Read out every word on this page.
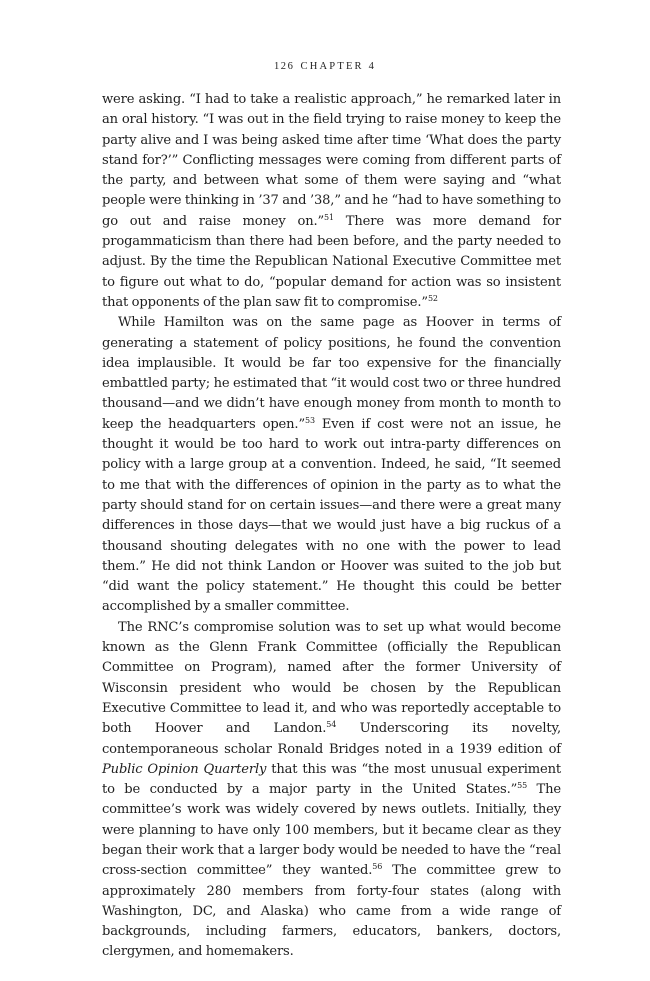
126 CHAPTER 4

were asking. “I had to take a realistic approach,” he remarked later in an oral history. “I was out in the field trying to raise money to keep the party alive and I was being asked time after time ‘What does the party stand for?’” Conflicting messages were coming from different parts of the party, and between what some of them were saying and “what people were thinking in ’37 and ’38,” and he “had to have something to go out and raise money on.”$^{51}$ There was more demand for progammaticism than there had been before, and the party needed to adjust. By the time the Republican National Executive Committee met to figure out what to do, “popular demand for action was so insistent that opponents of the plan saw fit to compromise.”$^{52}$

While Hamilton was on the same page as Hoover in terms of generating a statement of policy positions, he found the convention idea implausible. It would be far too expensive for the financially embattled party; he estimated that “it would cost two or three hundred thousand—and we didn’t have enough money from month to month to keep the headquarters open.”$^{53}$ Even if cost were not an issue, he thought it would be too hard to work out intra-party differences on policy with a large group at a convention. Indeed, he said, “It seemed to me that with the differences of opinion in the party as to what the party should stand for on certain issues—and there were a great many differences in those days—that we would just have a big ruckus of a thousand shouting delegates with no one with the power to lead them.” He did not think Landon or Hoover was suited to the job but “did want the policy statement.” He thought this could be better accomplished by a smaller committee.

The RNC’s compromise solution was to set up what would become known as the Glenn Frank Committee (officially the Republican Committee on Program), named after the former University of Wisconsin president who would be chosen by the Republican Executive Committee to lead it, and who was reportedly acceptable to both Hoover and Landon.$^{54}$ Underscoring its novelty, contemporaneous scholar Ronald Bridges noted in a 1939 edition of Public Opinion Quarterly that this was “the most unusual experiment to be conducted by a major party in the United States.”$^{55}$ The committee’s work was widely covered by news outlets. Initially, they were planning to have only 100 members, but it became clear as they began their work that a larger body would be needed to have the “real cross-section committee” they wanted.$^{56}$ The committee grew to approximately 280 members from forty-four states (along with Washington, DC, and Alaska) who came from a wide range of backgrounds, including farmers, educators, bankers, doctors, clergymen, and homemakers.
